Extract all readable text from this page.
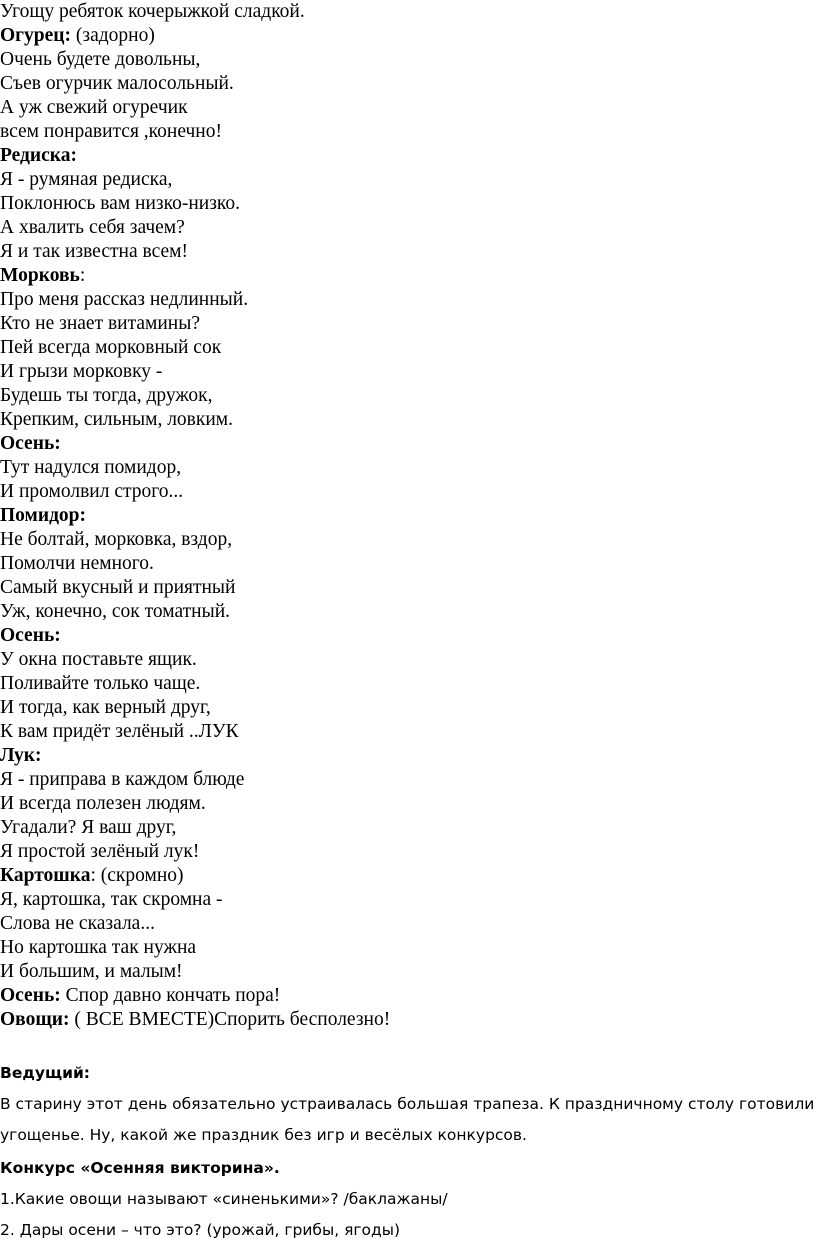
Угощу ребяток кочерыжкой сладкой.
Огурец: (задорно)
Очень будете довольны,
Съев огурчик малосольный.
А уж свежий огуречик
всем понравится ,конечно!
Редиска:
Я - румяная редиска,
Поклонюсь вам низко-низко.
А хвалить себя зачем?
Я и так известна всем!
Морковь:
Про меня рассказ недлинный.
Кто не знает витамины?
Пей всегда морковный сок
И грызи морковку -
Будешь ты тогда, дружок,
Крепким, сильным, ловким.
Осень:
Тут надулся помидор,
И промолвил строго...
Помидор:
Не болтай, морковка, вздор,
Помолчи немного.
Самый вкусный и приятный
Уж, конечно, сок томатный.
Осень:
У окна поставьте ящик.
Поливайте только чаще.
И тогда, как верный друг,
К вам придёт зелёный ..ЛУК
Лук:
Я - приправа в каждом блюде
И всегда полезен людям.
Угадали? Я ваш друг,
Я простой зелёный лук!
Картошка: (скромно)
Я, картошка, так скромна -
Слова не сказала...
Но картошка так нужна
И большим, и малым!
Осень: Спор давно кончать пора!
Овощи: ( ВСЕ ВМЕСТЕ)Спорить бесполезно!
Ведущий:
В старину этот день обязательно устраивалась большая трапеза. К праздничному столу готовили
угощенье. Ну, какой же праздник без игр и весёлых конкурсов.
Конкурс «Осенняя викторина».
1.Какие овощи называют «синенькими»? /баклажаны/
2. Дары осени – что это? (урожай, грибы, ягоды)
